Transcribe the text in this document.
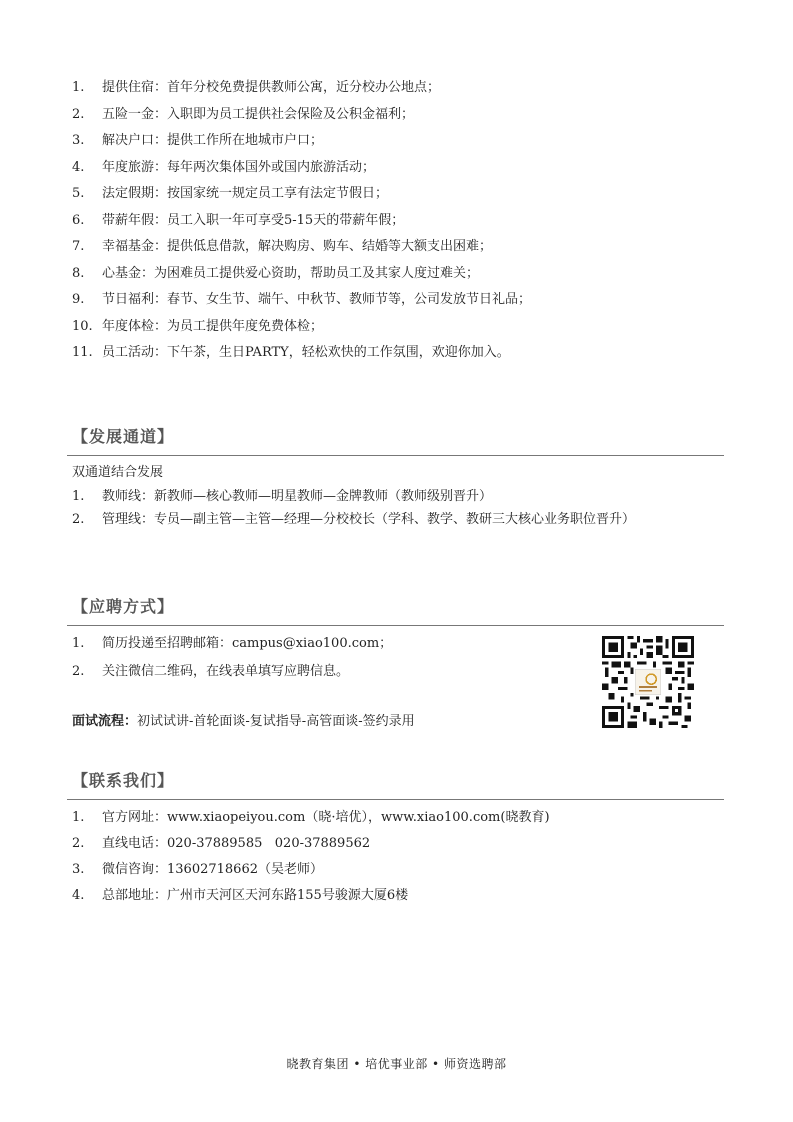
1. 提供住宿：首年分校免费提供教师公寓，近分校办公地点；
2. 五险一金：入职即为员工提供社会保险及公积金福利；
3. 解决户口：提供工作所在地城市户口；
4. 年度旅游：每年两次集体国外或国内旅游活动；
5. 法定假期：按国家统一规定员工享有法定节假日；
6. 带薪年假：员工入职一年可享受5-15天的带薪年假；
7. 幸福基金：提供低息借款，解决购房、购车、结婚等大额支出困难；
8. 心基金：为困难员工提供爱心资助，帮助员工及其家人度过难关；
9. 节日福利：春节、女生节、端午、中秋节、教师节等，公司发放节日礼品；
10. 年度体检：为员工提供年度免费体检；
11. 员工活动：下午茶，生日PARTY，轻松欢快的工作氛围，欢迎你加入。
【发展通道】
双通道结合发展
1. 教师线：新教师—核心教师—明星教师—金牌教师（教师级别晋升）
2. 管理线：专员—副主管—主管—经理—分校校长（学科、教学、教研三大核心业务职位晋升）
【应聘方式】
1. 简历投递至招聘邮箱：campus@xiao100.com；
2. 关注微信二维码，在线表单填写应聘信息。
面试流程：初试试讲-首轮面谈-复试指导-高管面谈-签约录用
【联系我们】
1. 官方网址：www.xiaopeiyou.com（晓·培优），www.xiao100.com(晓教育)
2. 直线电话：020-37889585   020-37889562
3. 微信咨询：13602718662（吴老师）
4. 总部地址：广州市天河区天河东路155号骏源大厦6楼
晓教育集团 • 培优事业部 • 师资选聘部
